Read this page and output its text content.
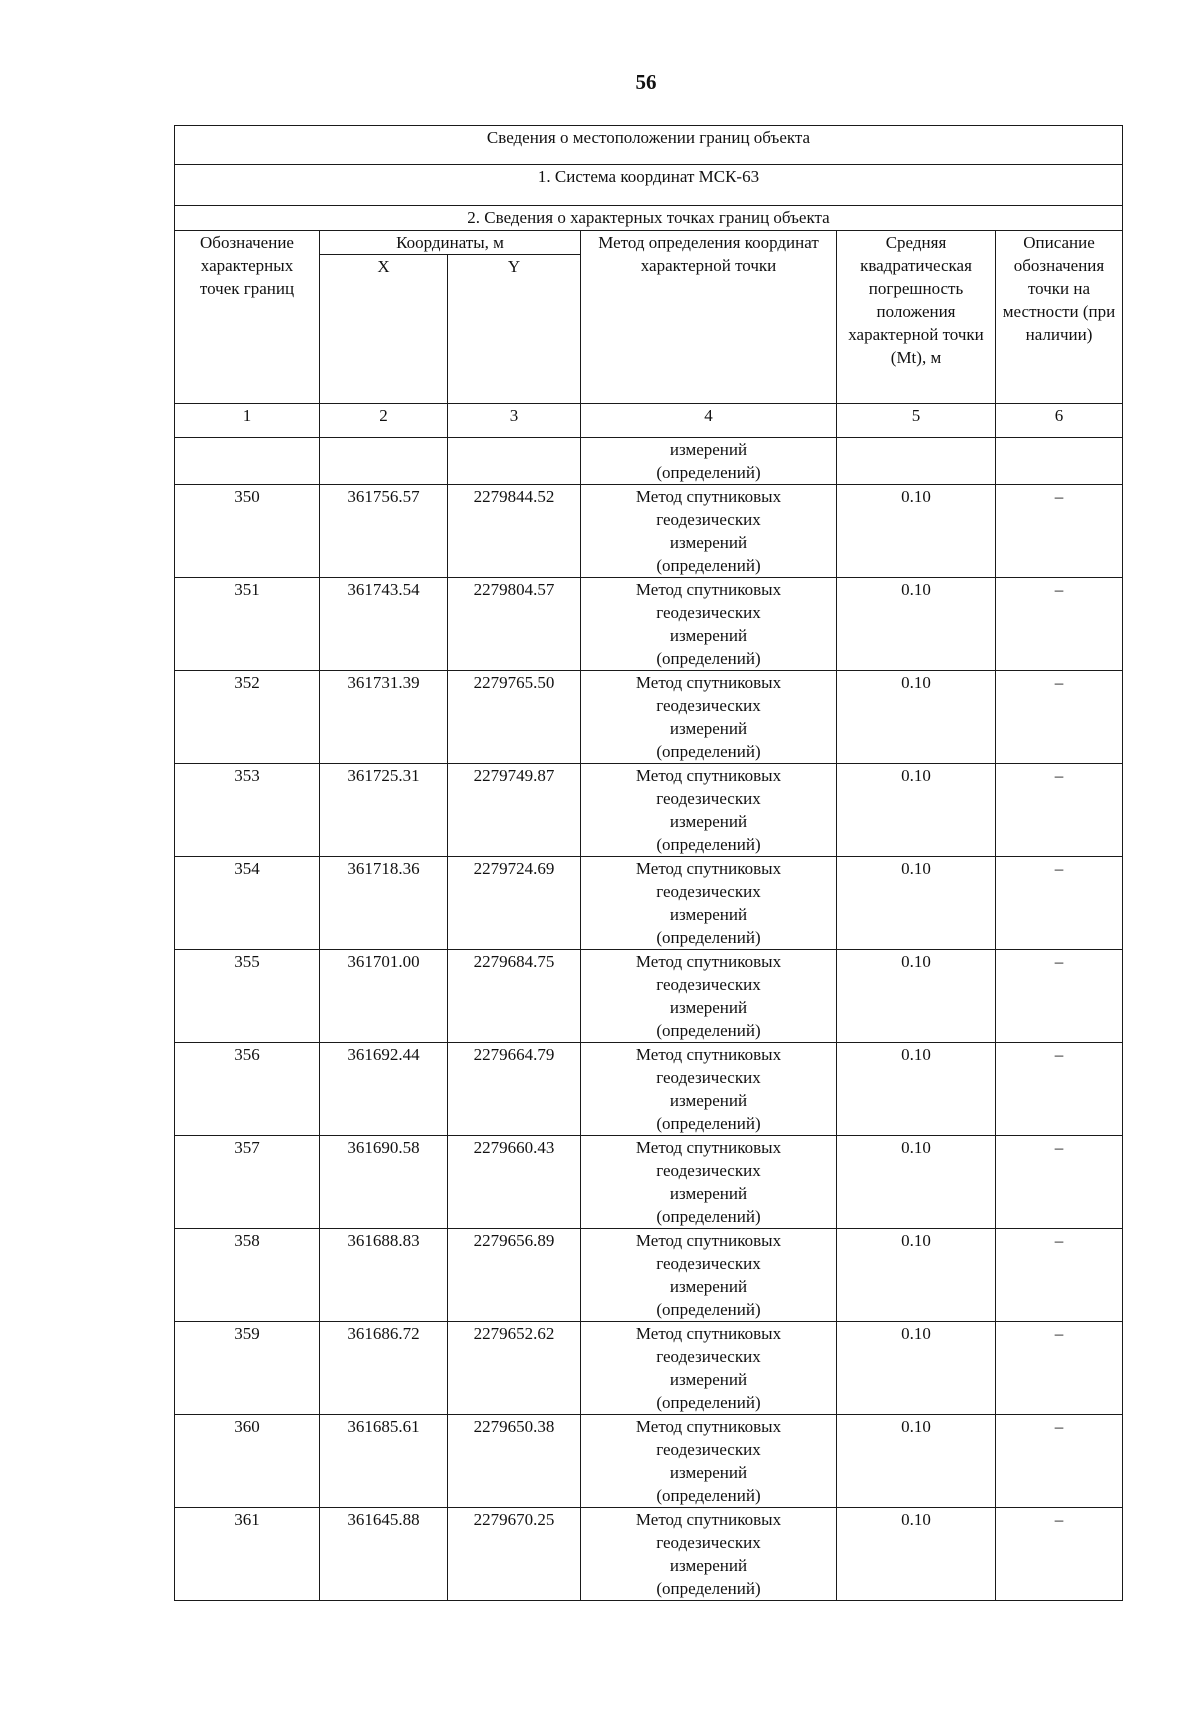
56
Сведения о местоположении границ объекта					
1. Система координат МСК-63					
2. Сведения о характерных точках границ объекта					
Обозначение характерных точек границ	Координаты, м		Метод определения координат характерной точки	Средняя квадратическая погрешность положения характерной точки (Mt), м	Описание обозначения точки на местности (при наличии)
	X	Y			
1	2	3	4	5	6

			измерений
(определений)		

350	361756.57	2279844.52	Метод спутниковых
геодезических
измерений
(определений)	0.10	–
351	361743.54	2279804.57	Метод спутниковых
геодезических
измерений
(определений)	0.10	–
352	361731.39	2279765.50	Метод спутниковых
геодезических
измерений
(определений)	0.10	–
353	361725.31	2279749.87	Метод спутниковых
геодезических
измерений
(определений)	0.10	–
354	361718.36	2279724.69	Метод спутниковых
геодезических
измерений
(определений)	0.10	–
355	361701.00	2279684.75	Метод спутниковых
геодезических
измерений
(определений)	0.10	–
356	361692.44	2279664.79	Метод спутниковых
геодезических
измерений
(определений)	0.10	–
357	361690.58	2279660.43	Метод спутниковых
геодезических
измерений
(определений)	0.10	–
358	361688.83	2279656.89	Метод спутниковых
геодезических
измерений
(определений)	0.10	–
359	361686.72	2279652.62	Метод спутниковых
геодезических
измерений
(определений)	0.10	–
360	361685.61	2279650.38	Метод спутниковых
геодезических
измерений
(определений)	0.10	–
361	361645.88	2279670.25	Метод спутниковых
геодезических
измерений
(определений)	0.10	–
